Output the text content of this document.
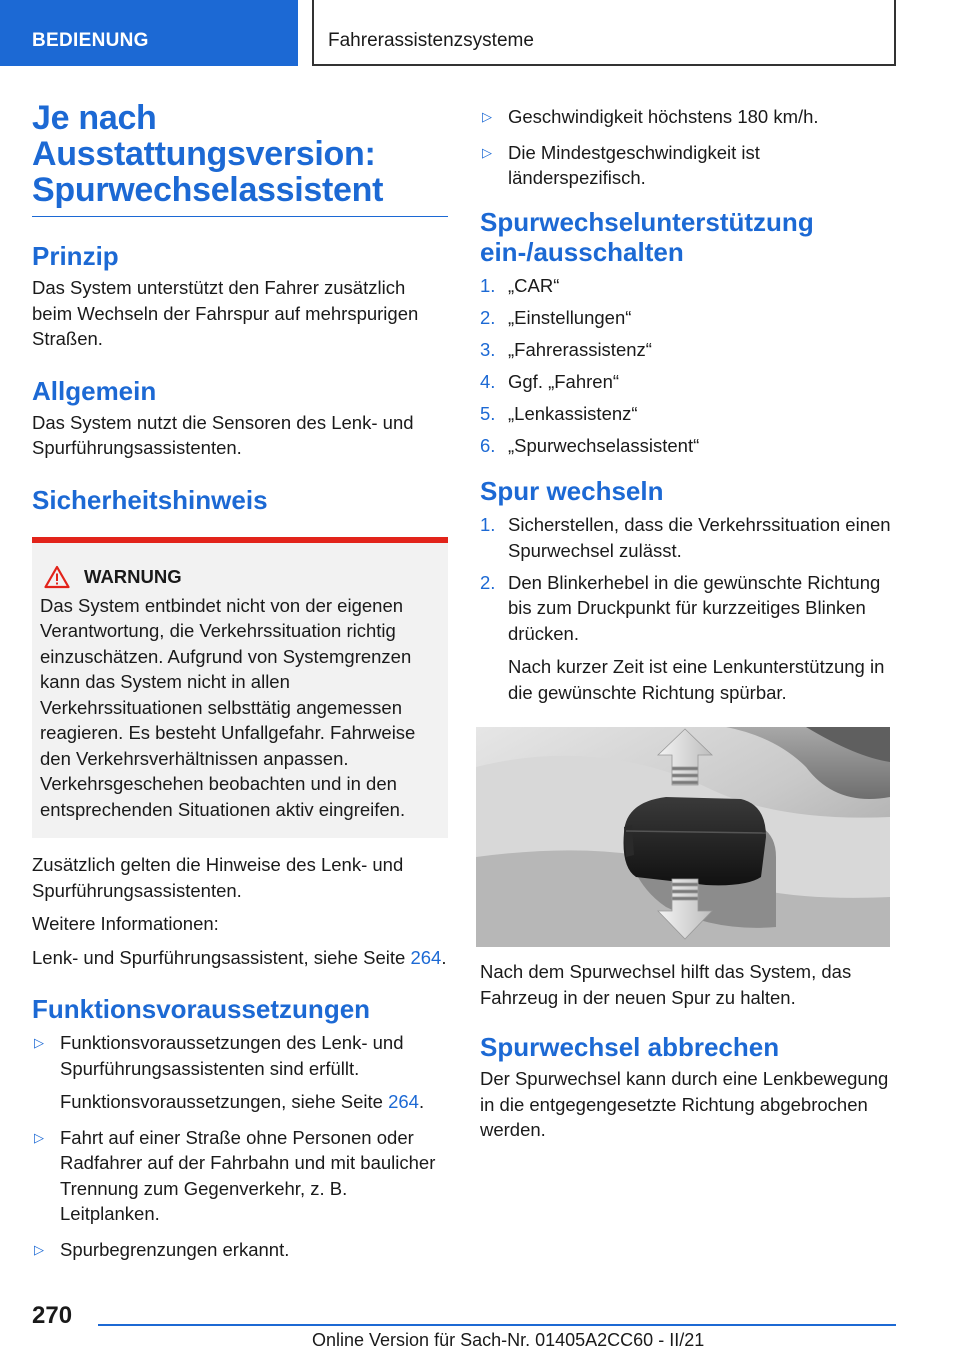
BEDIENUNG	Fahrerassistenzsysteme
Je nach Ausstattungsversion: Spurwechselassistent
Prinzip

Das System unterstützt den Fahrer zusätzlich beim Wechseln der Fahrspur auf mehrspurigen Straßen.

Allgemein

Das System nutzt die Sensoren des Lenk- und Spurführungsassistenten.

Sicherheitshinweis
WARNUNG

Das System entbindet nicht von der eigenen Verantwortung, die Verkehrssituation richtig einzuschätzen. Aufgrund von Systemgrenzen kann das System nicht in allen Verkehrssituationen selbsttätig angemessen reagieren. Es besteht Unfallgefahr. Fahrweise den Verkehrsverhältnissen anpassen. Verkehrsgeschehen beobachten und in den entsprechenden Situationen aktiv eingreifen.

Zusätzlich gelten die Hinweise des Lenk- und Spurführungsassistenten.

Weitere Informationen:

Lenk- und Spurführungsassistent, siehe Seite 264.

Funktionsvoraussetzungen
▷ Funktionsvoraussetzungen des Lenk- und Spurführungsassistenten sind erfüllt.
Funktionsvoraussetzungen, siehe Seite 264.
▷ Fahrt auf einer Straße ohne Personen oder Radfahrer auf der Fahrbahn und mit baulicher Trennung zum Gegenverkehr, z. B. Leitplanken.
▷ Spurbegrenzungen erkannt.
▷ Geschwindigkeit höchstens 180 km/h.
▷ Die Mindestgeschwindigkeit ist länderspezifisch.
Spurwechselunterstützung ein-/ausschalten
1. „CAR“
2. „Einstellungen“
3. „Fahrerassistenz“
4. Ggf. „Fahren“
5. „Lenkassistenz“
6. „Spurwechselassistent“
Spur wechseln
1. Sicherstellen, dass die Verkehrssituation einen Spurwechsel zulässt.
2. Den Blinkerhebel in die gewünschte Richtung bis zum Druckpunkt für kurzzeitiges Blinken drücken.
Nach kurzer Zeit ist eine Lenkunterstützung in die gewünschte Richtung spürbar.

Nach dem Spurwechsel hilft das System, das Fahrzeug in der neuen Spur zu halten.

Spurwechsel abbrechen

Der Spurwechsel kann durch eine Lenkbewegung in die entgegengesetzte Richtung abgebrochen werden.

270
Online Version für Sach-Nr. 01405A2CC60 - II/21
